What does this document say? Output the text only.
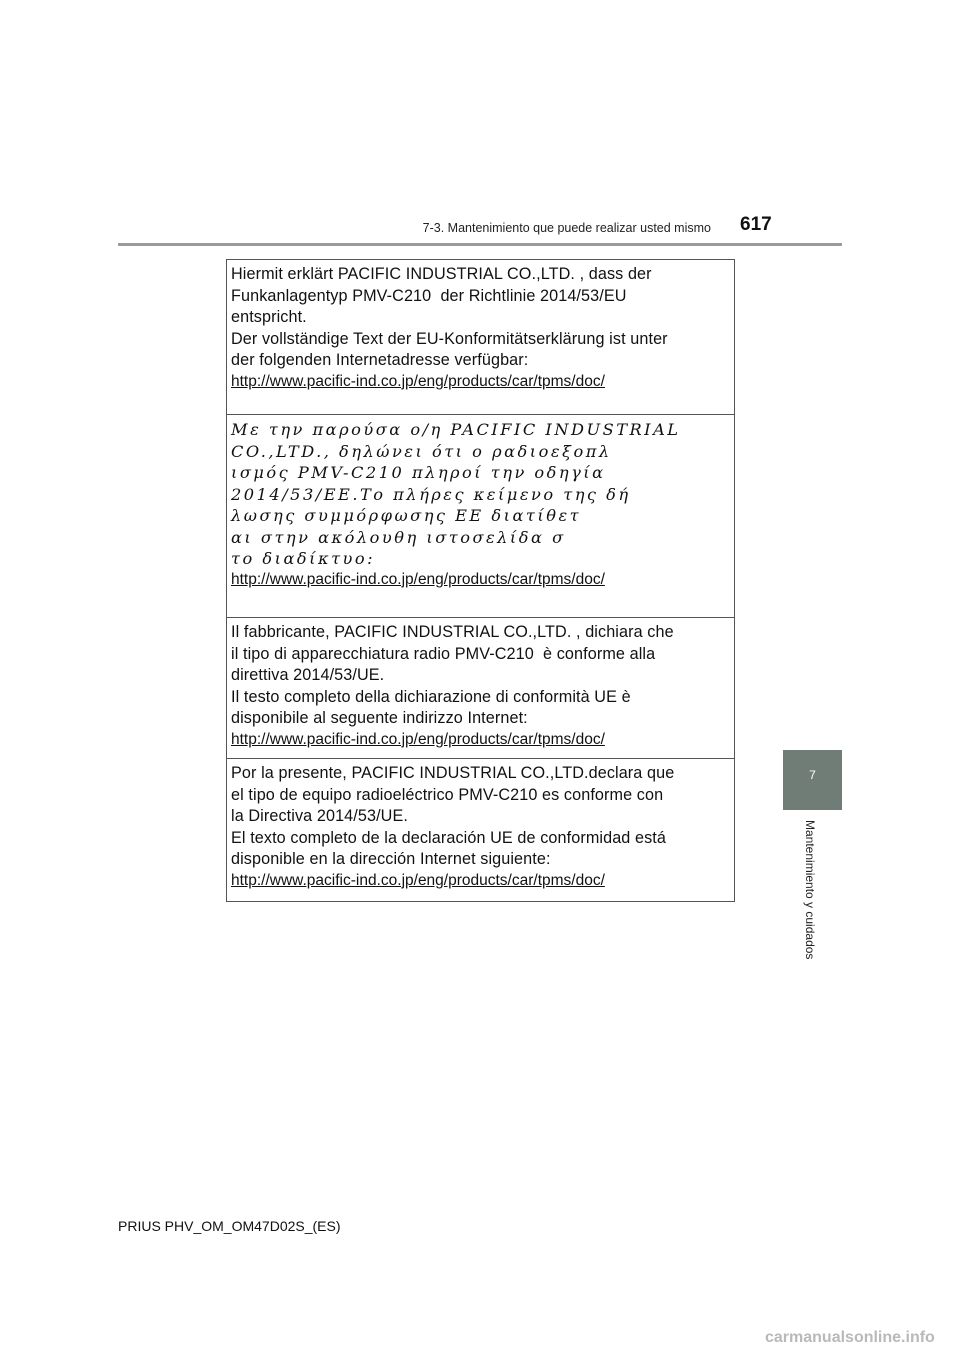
7-3. Mantenimiento que puede realizar usted mismo 617
7
Mantenimiento y cuidados
Hiermit erklärt PACIFIC INDUSTRIAL CO.,LTD. , dass der
Funkanlagentyp PMV-C210  der Richtlinie 2014/53/EU
entspricht.
Der vollständige Text der EU-Konformitätserklärung ist unter
der folgenden Internetadresse verfügbar:
http://www.pacific-ind.co.jp/eng/products/car/tpms/doc/
Με την παρούσα ο/η PACIFIC INDUSTRIAL
CO.,LTD., δηλώνει ότι ο ραδιοεξοπλ
ισμός PMV-C210 πληροί την οδηγία
2014/53/ΕΕ.Το πλήρες κείμενο της δή
λωσης συμμόρφωσης ΕΕ διατίθετ
αι στην ακόλουθη ιστοσελίδα σ
το διαδίκτυο:
http://www.pacific-ind.co.jp/eng/products/car/tpms/doc/
Il fabbricante, PACIFIC INDUSTRIAL CO.,LTD. , dichiara che
il tipo di apparecchiatura radio PMV-C210  è conforme alla
direttiva 2014/53/UE.
Il testo completo della dichiarazione di conformità UE è
disponibile al seguente indirizzo Internet:
http://www.pacific-ind.co.jp/eng/products/car/tpms/doc/
Por la presente, PACIFIC INDUSTRIAL CO.,LTD.declara que
el tipo de equipo radioeléctrico PMV-C210 es conforme con
la Directiva 2014/53/UE.
El texto completo de la declaración UE de conformidad está
disponible en la dirección Internet siguiente:
http://www.pacific-ind.co.jp/eng/products/car/tpms/doc/
PRIUS PHV_OM_OM47D02S_(ES)
carmanualsonline.info
